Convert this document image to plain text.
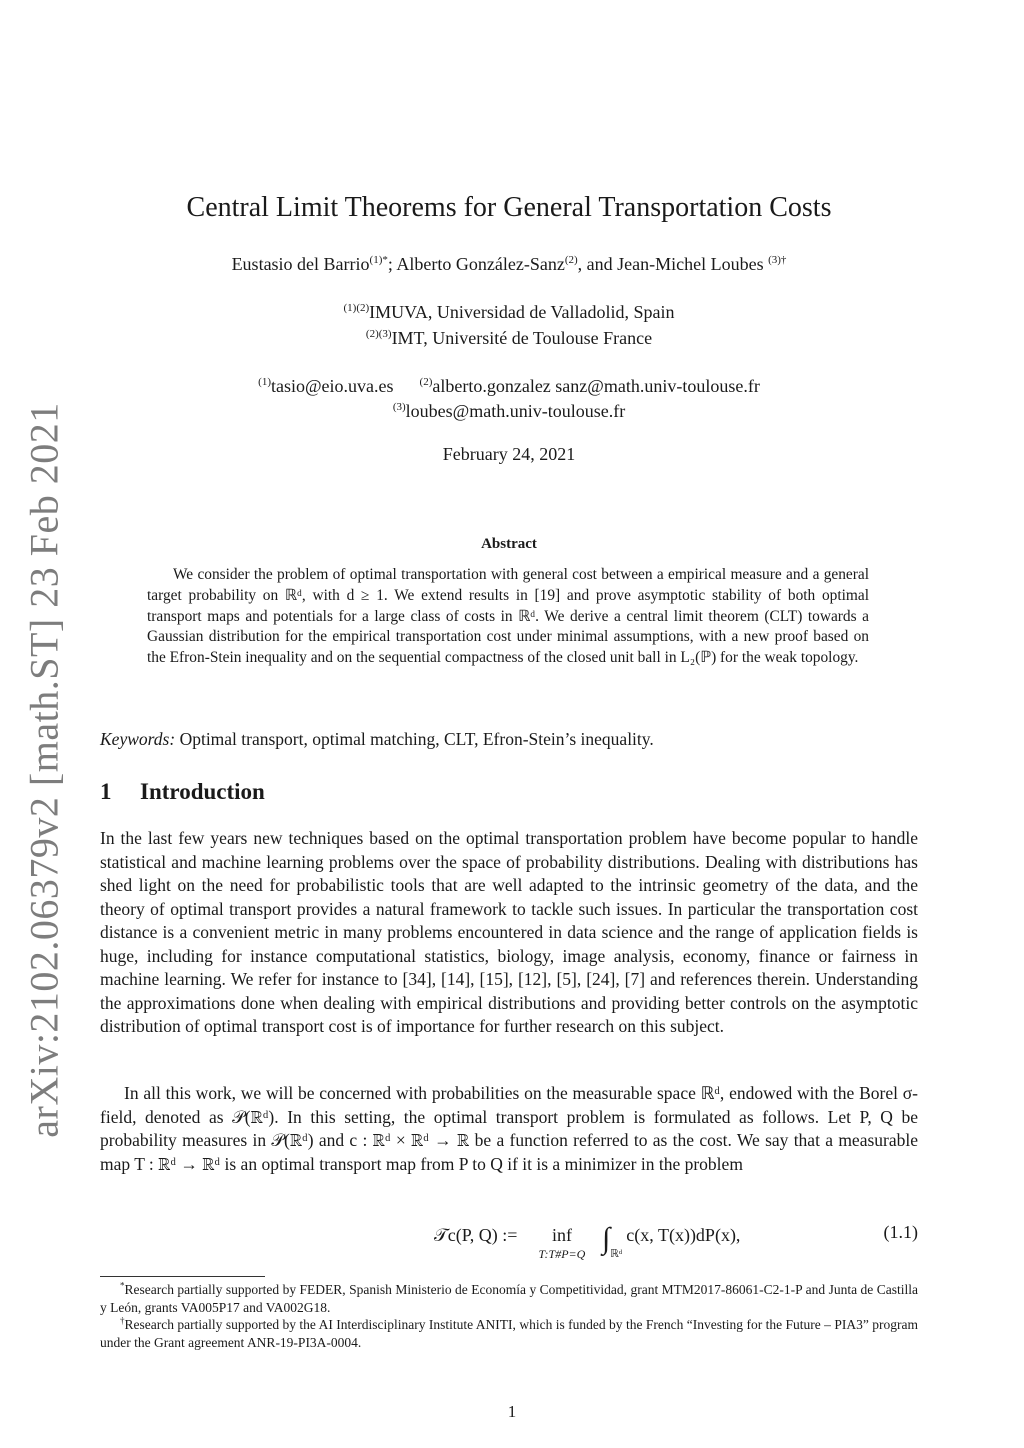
arXiv:2102.06379v2 [math.ST] 23 Feb 2021
Central Limit Theorems for General Transportation Costs
Eustasio del Barrio$^{(1)*}$; Alberto González-Sanz$^{(2)}$, and Jean-Michel Loubes $^{(3)\dagger}$
$^{(1)(2)}$IMUVA, Universidad de Valladolid, Spain
$^{(2)(3)}$IMT, Université de Toulouse France
$^{(1)}$tasio@eio.uva.es $^{(2)}$alberto.gonzalez sanz@math.univ-toulouse.fr
$^{(3)}$loubes@math.univ-toulouse.fr
February 24, 2021
Abstract
We consider the problem of optimal transportation with general cost between a empirical measure and a general target probability on ℝᵈ, with d ≥ 1. We extend results in [19] and prove asymptotic stability of both optimal transport maps and potentials for a large class of costs in ℝᵈ. We derive a central limit theorem (CLT) towards a Gaussian distribution for the empirical transportation cost under minimal assumptions, with a new proof based on the Efron-Stein inequality and on the sequential compactness of the closed unit ball in L₂(ℙ) for the weak topology.
Keywords: Optimal transport, optimal matching, CLT, Efron-Stein’s inequality.
1 Introduction
In the last few years new techniques based on the optimal transportation problem have become popular to handle statistical and machine learning problems over the space of probability distributions. Dealing with distributions has shed light on the need for probabilistic tools that are well adapted to the intrinsic geometry of the data, and the theory of optimal transport provides a natural framework to tackle such issues. In particular the transportation cost distance is a convenient metric in many problems encountered in data science and the range of application fields is huge, including for instance computational statistics, biology, image analysis, economy, finance or fairness in machine learning. We refer for instance to [34], [14], [15], [12], [5], [24], [7] and references therein. Understanding the approximations done when dealing with empirical distributions and providing better controls on the asymptotic distribution of optimal transport cost is of importance for further research on this subject.
In all this work, we will be concerned with probabilities on the measurable space ℝᵈ, endowed with the Borel σ-field, denoted as 𝒫(ℝᵈ). In this setting, the optimal transport problem is formulated as follows. Let P, Q be probability measures in 𝒫(ℝᵈ) and c : ℝᵈ × ℝᵈ → ℝ be a function referred to as the cost. We say that a measurable map T : ℝᵈ → ℝᵈ is an optimal transport map from P to Q if it is a minimizer in the problem
𝒯c(P, Q) := inf
T:T#P=Q $\int_{ℝᵈ}c(x$, T(x))dP(x),	(1.1)

*Research partially supported by FEDER, Spanish Ministerio de Economía y Competitividad, grant MTM2017-86061-C2-1-P and Junta de Castilla y León, grants VA005P17 and VA002G18.

†Research partially supported by the AI Interdisciplinary Institute ANITI, which is funded by the French “Investing for the Future – PIA3” program under the Grant agreement ANR-19-PI3A-0004.

1
